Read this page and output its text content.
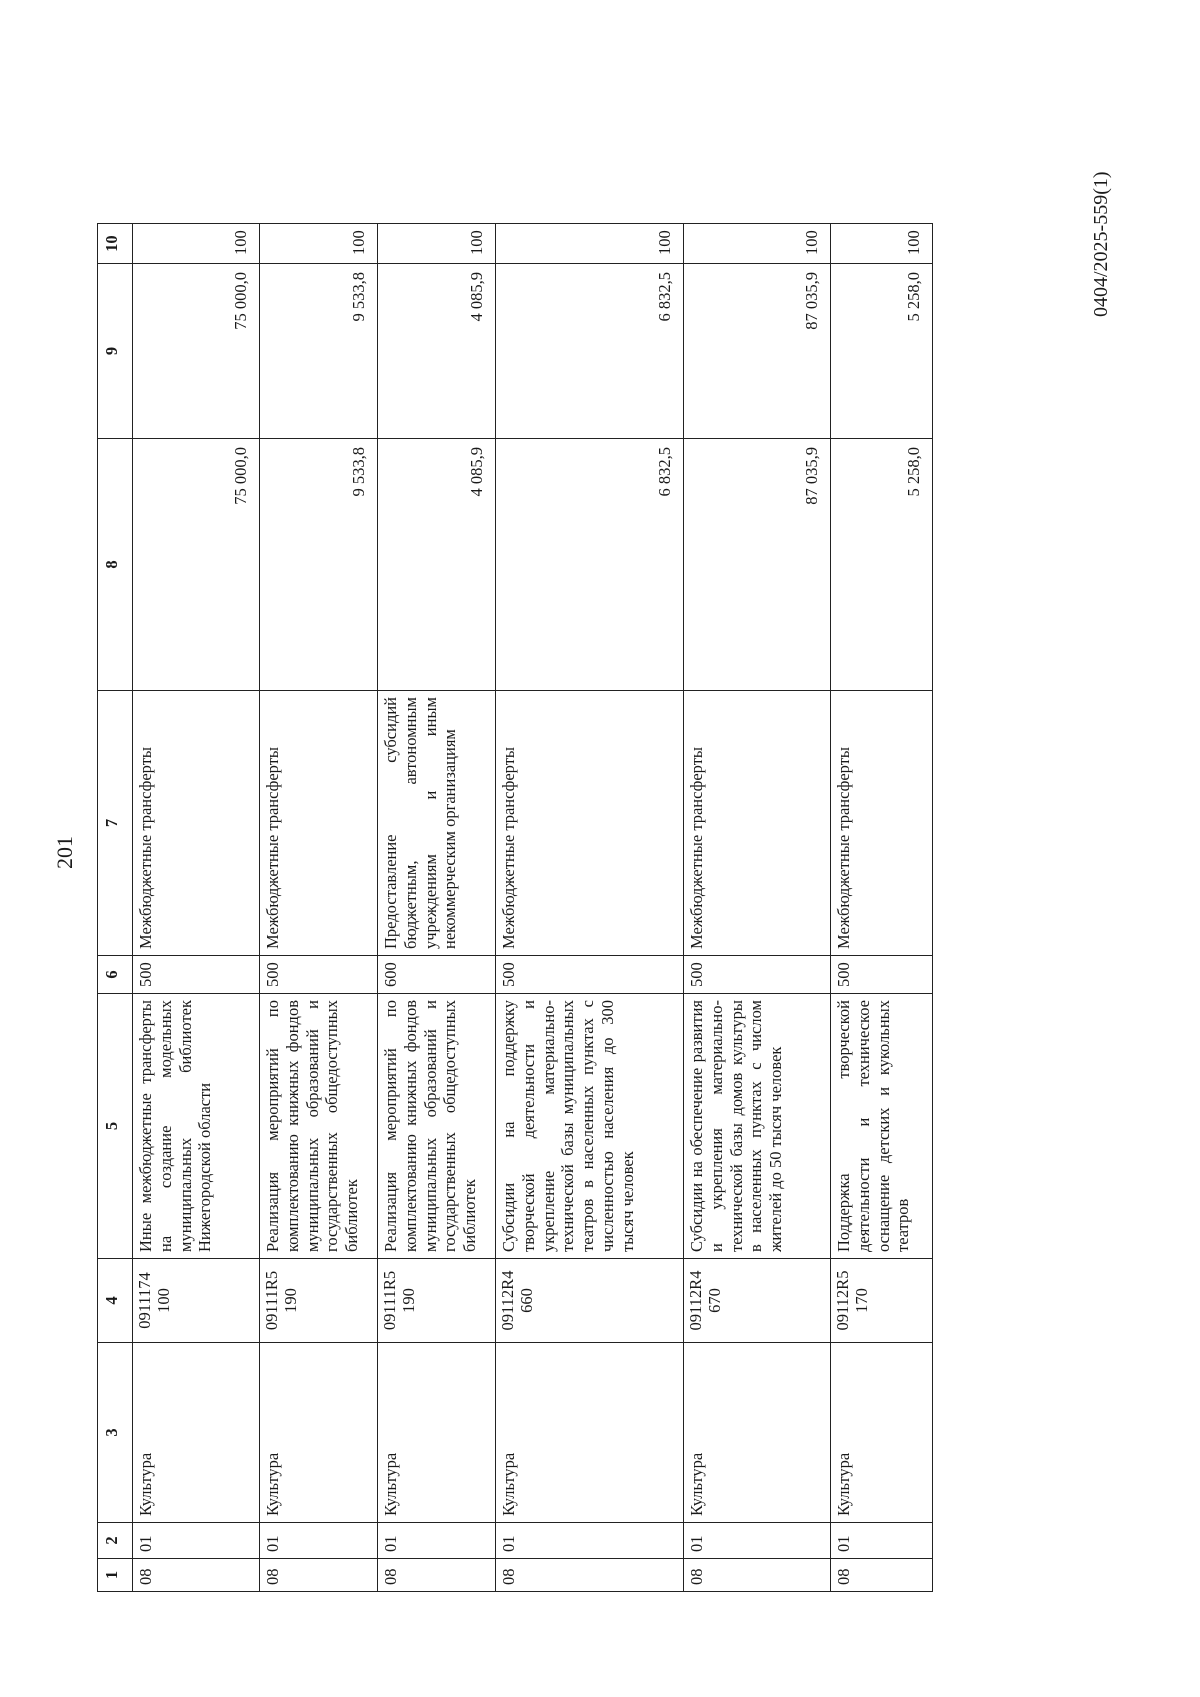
201
1	2	3	4	5	6	7	8	9	10
08	01	Культура	0911174 100	Иные межбюджетные трансферты на создание модельных муниципальных библиотек Нижегородской области	500	Межбюджетные трансферты	75 000,0	75 000,0	100
08	01	Культура	09111R5 190	Реализация мероприятий по комплектованию книжных фондов муниципальных образований и государственных общедоступных библиотек	500	Межбюджетные трансферты	9 533,8	9 533,8	100
08	01	Культура	09111R5 190	Реализация мероприятий по комплектованию книжных фондов муниципальных образований и государственных общедоступных библиотек	600	Предоставление субсидий бюджетным, автономным учреждениям и иным некоммерческим организациям	4 085,9	4 085,9	100
08	01	Культура	09112R4 660	Субсидии на поддержку творческой деятельности и укрепление материально-технической базы муниципальных театров в населенных пунктах с численностью населения до 300 тысяч человек	500	Межбюджетные трансферты	6 832,5	6 832,5	100
08	01	Культура	09112R4 670	Субсидии на обеспечение развития и укрепления материально-технической базы домов культуры в населенных пунктах с числом жителей до 50 тысяч человек	500	Межбюджетные трансферты	87 035,9	87 035,9	100
08	01	Культура	09112R5 170	Поддержка творческой деятельности и техническое оснащение детских и кукольных театров	500	Межбюджетные трансферты	5 258,0	5 258,0	100	0404/2025-559(1)
